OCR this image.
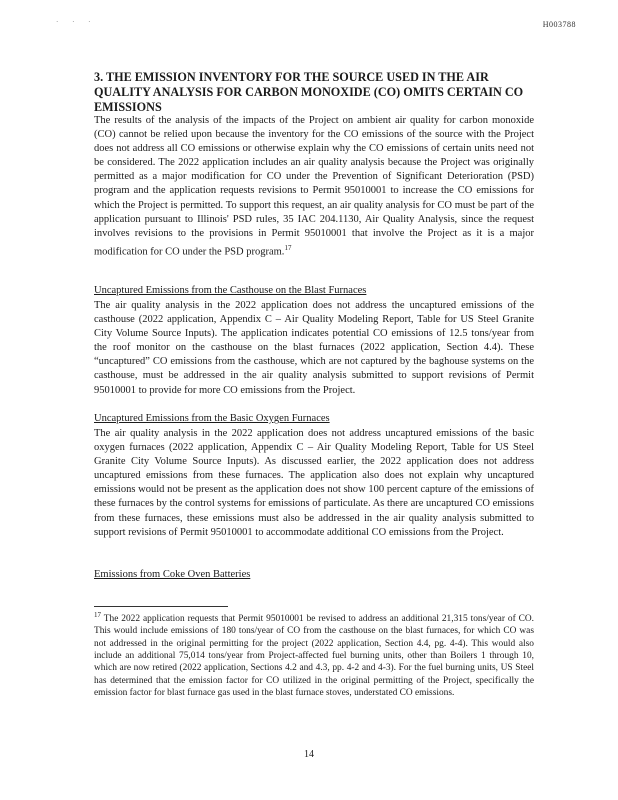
· · ·	H003788
3. THE EMISSION INVENTORY FOR THE SOURCE USED IN THE AIR QUALITY ANALYSIS FOR CARBON MONOXIDE (CO) OMITS CERTAIN CO EMISSIONS
The results of the analysis of the impacts of the Project on ambient air quality for carbon monoxide (CO) cannot be relied upon because the inventory for the CO emissions of the source with the Project does not address all CO emissions or otherwise explain why the CO emissions of certain units need not be considered. The 2022 application includes an air quality analysis because the Project was originally permitted as a major modification for CO under the Prevention of Significant Deterioration (PSD) program and the application requests revisions to Permit 95010001 to increase the CO emissions for which the Project is permitted. To support this request, an air quality analysis for CO must be part of the application pursuant to Illinois' PSD rules, 35 IAC 204.1130, Air Quality Analysis, since the request involves revisions to the provisions in Permit 95010001 that involve the Project as it is a major modification for CO under the PSD program.$^{17}$
Uncaptured Emissions from the Casthouse on the Blast Furnaces
The air quality analysis in the 2022 application does not address the uncaptured emissions of the casthouse (2022 application, Appendix C – Air Quality Modeling Report, Table for US Steel Granite City Volume Source Inputs). The application indicates potential CO emissions of 12.5 tons/year from the roof monitor on the casthouse on the blast furnaces (2022 application, Section 4.4). These “uncaptured” CO emissions from the casthouse, which are not captured by the baghouse systems on the casthouse, must be addressed in the air quality analysis submitted to support revisions of Permit 95010001 to provide for more CO emissions from the Project.
Uncaptured Emissions from the Basic Oxygen Furnaces
The air quality analysis in the 2022 application does not address uncaptured emissions of the basic oxygen furnaces (2022 application, Appendix C – Air Quality Modeling Report, Table for US Steel Granite City Volume Source Inputs). As discussed earlier, the 2022 application does not address uncaptured emissions from these furnaces. The application also does not explain why uncaptured emissions would not be present as the application does not show 100 percent capture of the emissions of these furnaces by the control systems for emissions of particulate. As there are uncaptured CO emissions from these furnaces, these emissions must also be addressed in the air quality analysis submitted to support revisions of Permit 95010001 to accommodate additional CO emissions from the Project.
Emissions from Coke Oven Batteries
$^{17}$ The 2022 application requests that Permit 95010001 be revised to address an additional 21,315 tons/year of CO. This would include emissions of 180 tons/year of CO from the casthouse on the blast furnaces, for which CO was not addressed in the original permitting for the project (2022 application, Section 4.4, pg. 4-4). This would also include an additional 75,014 tons/year from Project-affected fuel burning units, other than Boilers 1 through 10, which are now retired (2022 application, Sections 4.2 and 4.3, pp. 4-2 and 4-3). For the fuel burning units, US Steel has determined that the emission factor for CO utilized in the original permitting of the Project, specifically the emission factor for blast furnace gas used in the blast furnace stoves, understated CO emissions.
14
